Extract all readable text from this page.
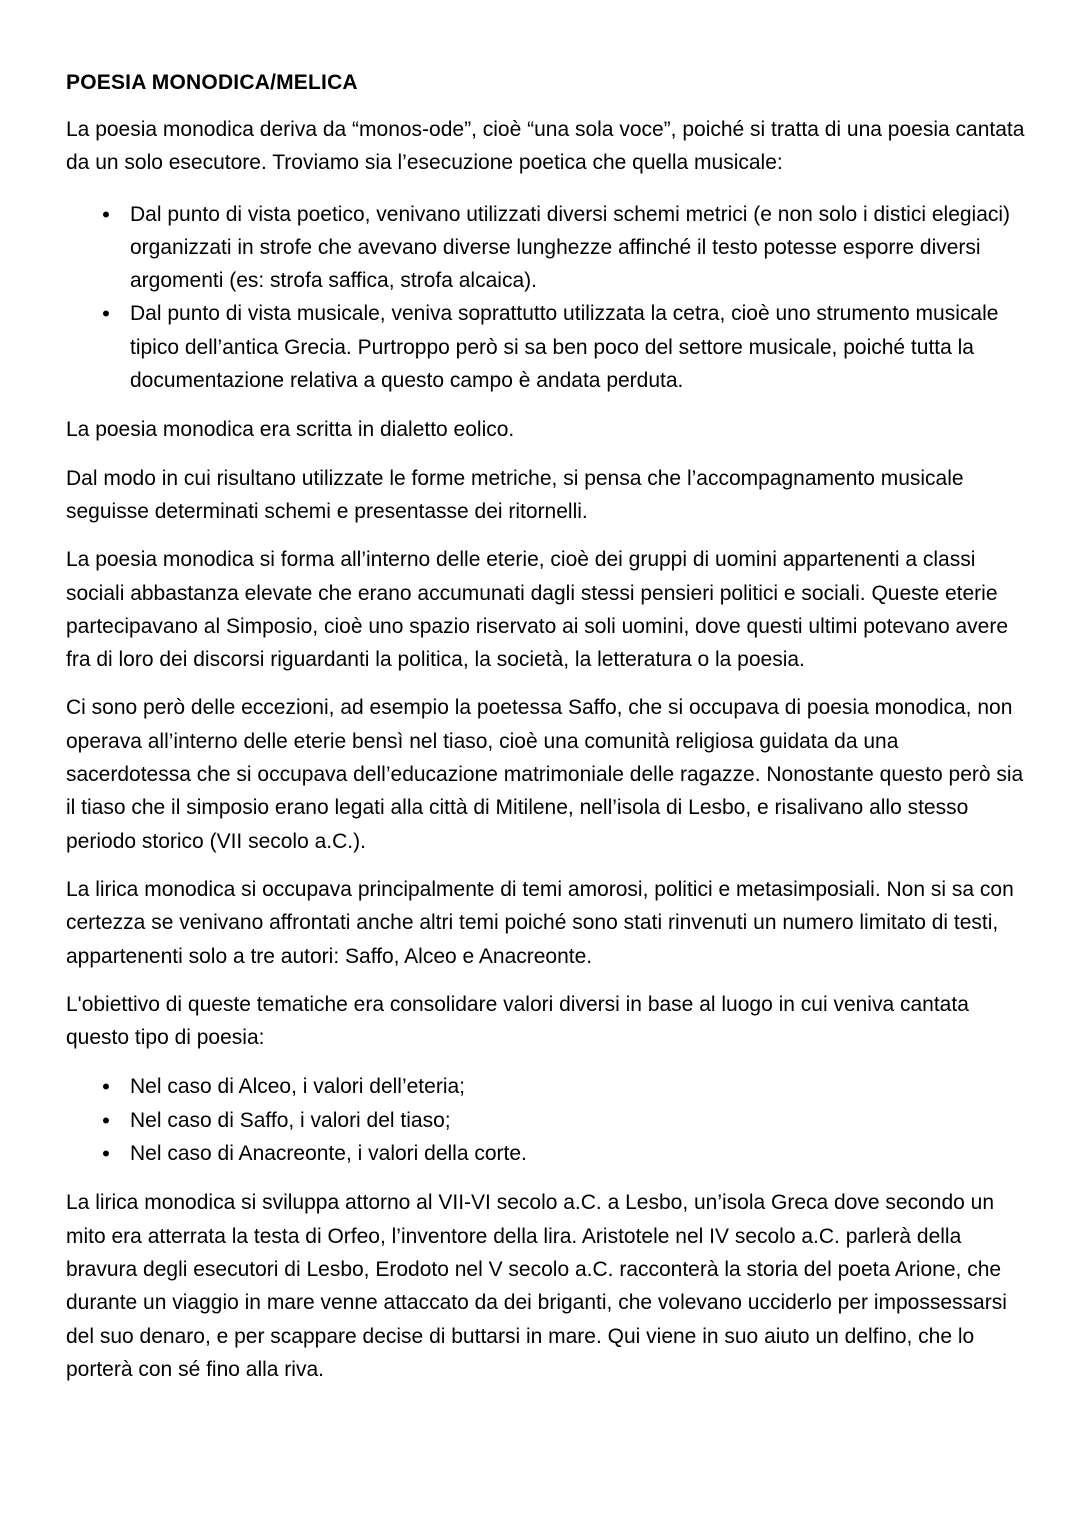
POESIA MONODICA/MELICA

La poesia monodica deriva da “monos-ode”, cioè “una sola voce”, poiché si tratta di una poesia cantata da un solo esecutore. Troviamo sia l’esecuzione poetica che quella musicale:

• Dal punto di vista poetico, venivano utilizzati diversi schemi metrici (e non solo i distici elegiaci) organizzati in strofe che avevano diverse lunghezze affinché il testo potesse esporre diversi argomenti (es: strofa saffica, strofa alcaica).
• Dal punto di vista musicale, veniva soprattutto utilizzata la cetra, cioè uno strumento musicale tipico dell’antica Grecia. Purtroppo però si sa ben poco del settore musicale, poiché tutta la documentazione relativa a questo campo è andata perduta.

La poesia monodica era scritta in dialetto eolico.

Dal modo in cui risultano utilizzate le forme metriche, si pensa che l’accompagnamento musicale seguisse determinati schemi e presentasse dei ritornelli.

La poesia monodica si forma all’interno delle eterie, cioè dei gruppi di uomini appartenenti a classi sociali abbastanza elevate che erano accumunati dagli stessi pensieri politici e sociali. Queste eterie partecipavano al Simposio, cioè uno spazio riservato ai soli uomini, dove questi ultimi potevano avere fra di loro dei discorsi riguardanti la politica, la società, la letteratura o la poesia.

Ci sono però delle eccezioni, ad esempio la poetessa Saffo, che si occupava di poesia monodica, non operava all’interno delle eterie bensì nel tiaso, cioè una comunità religiosa guidata da una sacerdotessa che si occupava dell’educazione matrimoniale delle ragazze. Nonostante questo però sia il tiaso che il simposio erano legati alla città di Mitilene, nell’isola di Lesbo, e risalivano allo stesso periodo storico (VII secolo a.C.).

La lirica monodica si occupava principalmente di temi amorosi, politici e metasimposiali. Non si sa con certezza se venivano affrontati anche altri temi poiché sono stati rinvenuti un numero limitato di testi, appartenenti solo a tre autori: Saffo, Alceo e Anacreonte.

L'obiettivo di queste tematiche era consolidare valori diversi in base al luogo in cui veniva cantata questo tipo di poesia:

• Nel caso di Alceo, i valori dell’eteria;
• Nel caso di Saffo, i valori del tiaso;
• Nel caso di Anacreonte, i valori della corte.

La lirica monodica si sviluppa attorno al VII-VI secolo a.C. a Lesbo, un’isola Greca dove secondo un mito era atterrata la testa di Orfeo, l’inventore della lira. Aristotele nel IV secolo a.C. parlerà della bravura degli esecutori di Lesbo, Erodoto nel V secolo a.C. racconterà la storia del poeta Arione, che durante un viaggio in mare venne attaccato da dei briganti, che volevano ucciderlo per impossessarsi del suo denaro, e per scappare decise di buttarsi in mare. Qui viene in suo aiuto un delfino, che lo porterà con sé fino alla riva.
